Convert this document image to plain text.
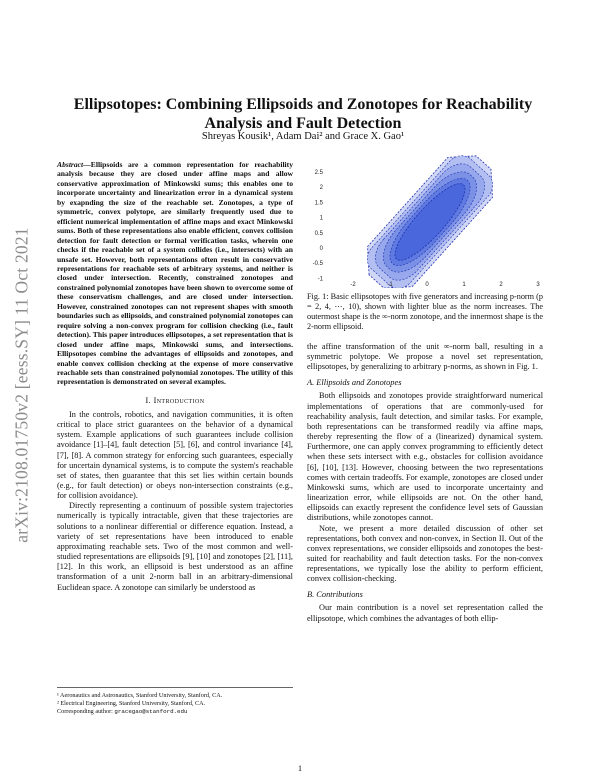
arXiv:2108.01750v2 [eess.SY] 11 Oct 2021
Ellipsotopes: Combining Ellipsoids and Zonotopes for Reachability Analysis and Fault Detection
Shreyas Kousik¹, Adam Dai² and Grace X. Gao¹

Abstract—Ellipsoids are a common representation for reachability analysis because they are closed under affine maps and allow conservative approximation of Minkowski sums; this enables one to incorporate uncertainty and linearization error in a dynamical system by exapnding the size of the reachable set. Zonotopes, a type of symmetric, convex polytope, are similarly frequently used due to efficient numerical implementation of affine maps and exact Minkowski sums. Both of these representations also enable efficient, convex collision detection for fault detection or formal verification tasks, wherein one checks if the reachable set of a system collides (i.e., intersects) with an unsafe set. However, both representations often result in conservative representations for reachable sets of arbitrary systems, and neither is closed under intersection. Recently, constrained zonotopes and constrained polynomial zonotopes have been shown to overcome some of these conservatism challenges, and are closed under intersection. However, constrained zonotopes can not represent shapes with smooth boundaries such as ellipsoids, and constrained polynomial zonotopes can require solving a non-convex program for collision checking (i.e., fault detection). This paper introduces ellipsotopes, a set representation that is closed under affine maps, Minkowski sums, and intersections. Ellipsotopes combine the advantages of ellipsoids and zonotopes, and enable convex collision checking at the expense of more conservative reachable sets than constrained polynomial zonotopes. The utility of this representation is demonstrated on several examples.

I. Introduction

In the controls, robotics, and navigation communities, it is often critical to place strict guarantees on the behavior of a dynamical system. Example applications of such guarantees include collision avoidance [1]–[4], fault detection [5], [6], and control invariance [4], [7], [8]. A common strategy for enforcing such guarantees, especially for uncertain dynamical systems, is to compute the system's reachable set of states, then guarantee that this set lies within certain bounds (e.g., for fault detection) or obeys non-intersection constraints (e.g., for collision avoidance).

Directly representing a continuum of possible system trajectories numerically is typically intractable, given that these trajectories are solutions to a nonlinear differential or difference equation. Instead, a variety of set representations have been introduced to enable approximating reachable sets. Two of the most common and well-studied representations are ellipsoids [9], [10] and zonotopes [2], [11], [12]. In this work, an ellipsoid is best understood as an affine transformation of a unit 2-norm ball in an arbitrary-dimensional Euclidean space. A zonotope can similarly be understood as

2.5
2
1.5
1
0.5
0
-0.5
-1
-2	-1	0	1	2	3

Fig. 1: Basic ellipsotopes with five generators and increasing p-norm (p = 2, 4, ⋯, 10), shown with lighter blue as the norm increases. The outermost shape is the ∞-norm zonotope, and the innermost shape is the 2-norm ellipsoid.

the affine transformation of the unit ∞-norm ball, resulting in a symmetric polytope. We propose a novel set representation, ellipsotopes, by generalizing to arbitrary p-norms, as shown in Fig. 1.

A. Ellipsoids and Zonotopes

Both ellipsoids and zonotopes provide straightforward numerical implementations of operations that are commonly-used for reachability analysis, fault detection, and similar tasks. For example, both representations can be transformed readily via affine maps, thereby representing the flow of a (linearized) dynamical system. Furthermore, one can apply convex programming to efficiently detect when these sets intersect with e.g., obstacles for collision avoidance [6], [10], [13]. However, choosing between the two representations comes with certain tradeoffs. For example, zonotopes are closed under Minkowski sums, which are used to incorporate uncertainty and linearization error, while ellipsoids are not. On the other hand, ellipsoids can exactly represent the confidence level sets of Gaussian distributions, while zonotopes cannot.

Note, we present a more detailed discussion of other set representations, both convex and non-convex, in Section II. Out of the convex representations, we consider ellipsoids and zonotopes the best-suited for reachability and fault detection tasks. For the non-convex representations, we typically lose the ability to perform efficient, convex collision-checking.

B. Contributions

Our main contribution is a novel set representation called the ellipsotope, which combines the advantages of both ellip-

¹ Aeronautics and Astronautics, Stanford University, Stanford, CA.

² Electrical Engineering, Stanford University, Stanford, CA.

Corresponding author: gracegao@stanford.edu

1
